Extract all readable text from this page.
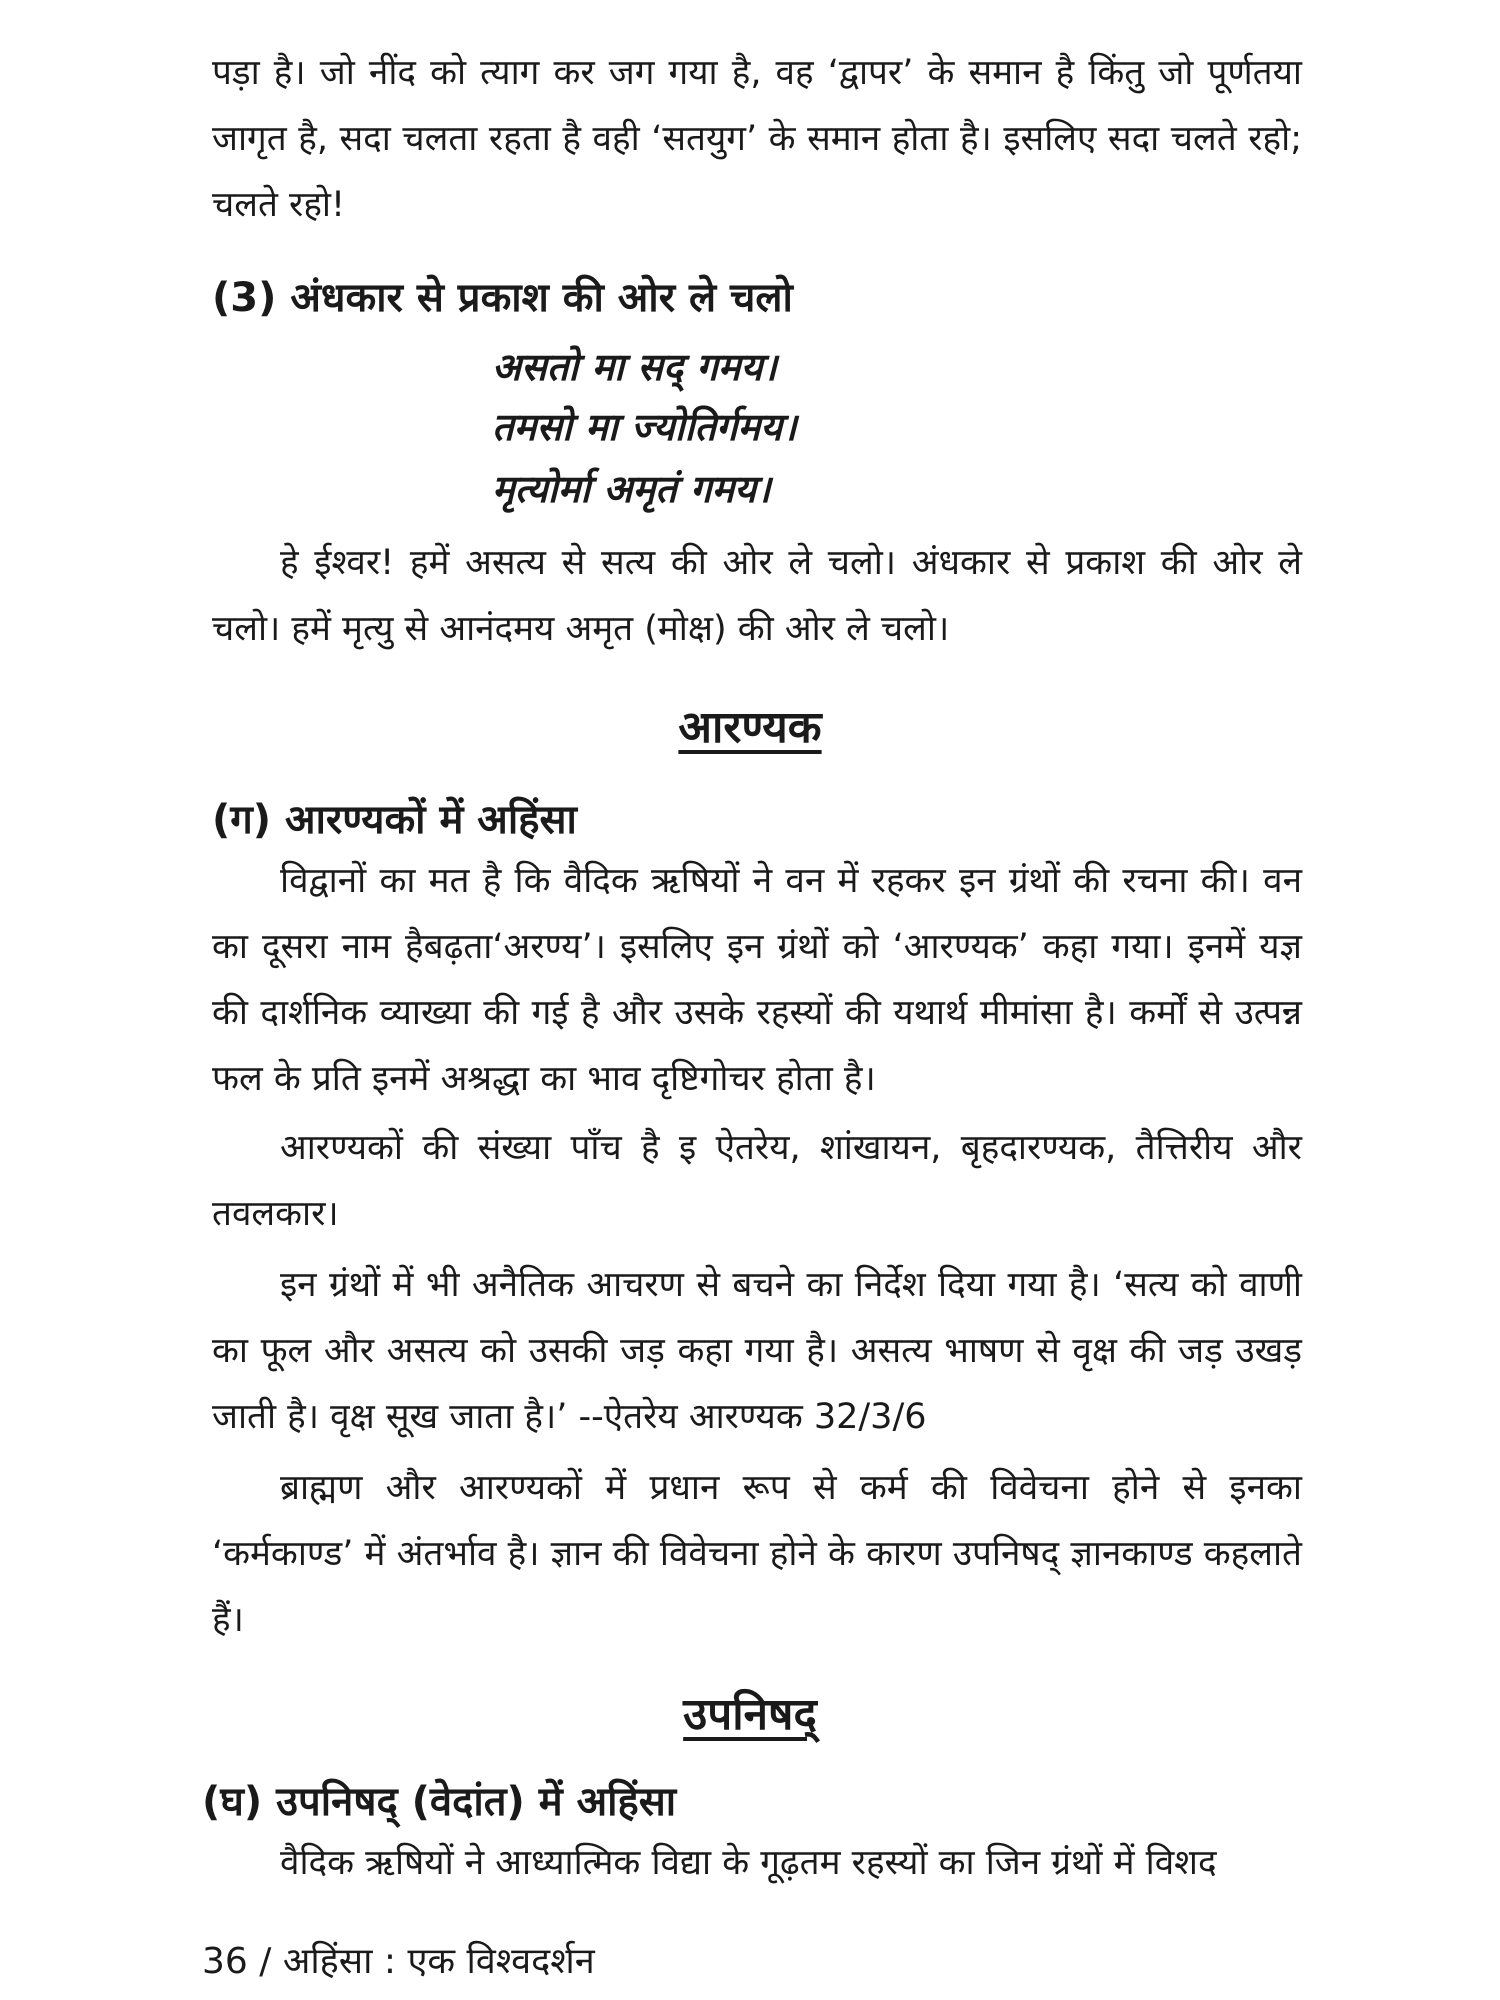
पड़ा है। जो नींद को त्याग कर जग गया है, वह ‘द्वापर’ के समान है किंतु जो पूर्णतया जागृत है, सदा चलता रहता है वही ‘सतयुग’ के समान होता है। इसलिए सदा चलते रहो; चलते रहो!

(3) अंधकार से प्रकाश की ओर ले चलो

असतो मा सद् गमय।

तमसो मा ज्योतिर्गमय।

मृत्योर्मा अमृतं गमय।

हे ईश्वर! हमें असत्य से सत्य की ओर ले चलो। अंधकार से प्रकाश की ओर ले चलो। हमें मृत्यु से आनंदमय अमृत (मोक्ष) की ओर ले चलो।

आरण्यक

(ग) आरण्यकों में अहिंसा

विद्वानों का मत है कि वैदिक ऋषियों ने वन में रहकर इन ग्रंथों की रचना की। वन का दूसरा नाम हैबढ़ता‘अरण्य’। इसलिए इन ग्रंथों को ‘आरण्यक’ कहा गया। इनमें यज्ञ की दार्शनिक व्याख्या की गई है और उसके रहस्यों की यथार्थ मीमांसा है। कर्मों से उत्पन्न फल के प्रति इनमें अश्रद्धा का भाव दृष्टिगोचर होता है।

आरण्यकों की संख्या पाँच है इ ऐतरेय, शांखायन, बृहदारण्यक, तैत्तिरीय और तवलकार।

इन ग्रंथों में भी अनैतिक आचरण से बचने का निर्देश दिया गया है। ‘सत्य को वाणी का फूल और असत्य को उसकी जड़ कहा गया है। असत्य भाषण से वृक्ष की जड़ उखड़ जाती है। वृक्ष सूख जाता है।’ --ऐतरेय आरण्यक 32/3/6

ब्राह्मण और आरण्यकों में प्रधान रूप से कर्म की विवेचना होने से इनका ‘कर्मकाण्ड’ में अंतर्भाव है। ज्ञान की विवेचना होने के कारण उपनिषद् ज्ञानकाण्ड कहलाते हैं।

उपनिषद्

(घ) उपनिषद् (वेदांत) में अहिंसा

वैदिक ऋषियों ने आध्यात्मिक विद्या के गूढ़तम रहस्यों का जिन ग्रंथों में विशद

36 / अहिंसा : एक विश्वदर्शन
